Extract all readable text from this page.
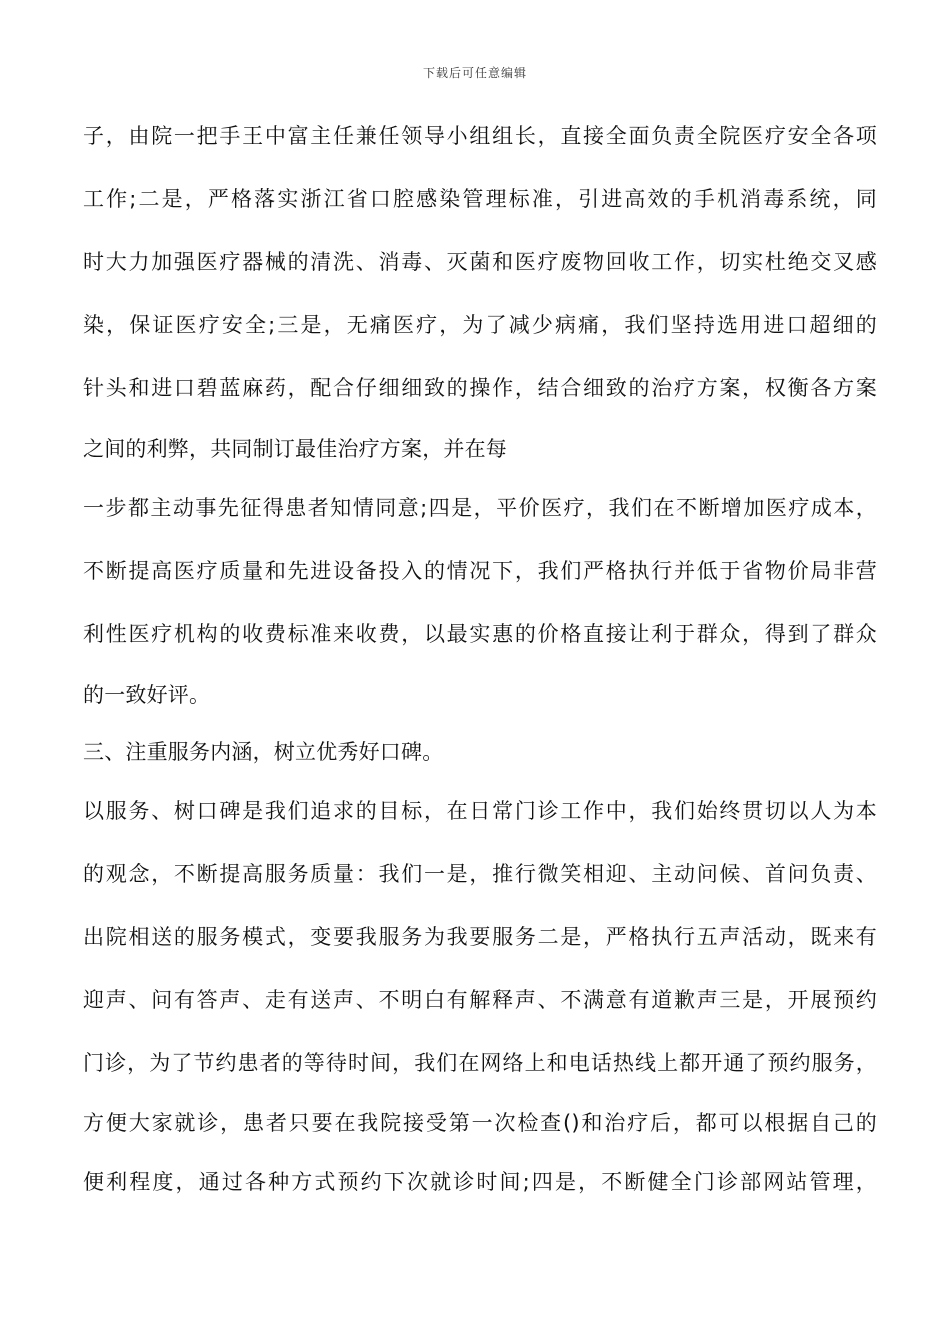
下载后可任意编辑
子，由院一把手王中富主任兼任领导小组组长，直接全面负责全院医疗安全各项
工作;二是，严格落实浙江省口腔感染管理标准，引进高效的手机消毒系统，同
时大力加强医疗器械的清洗、消毒、灭菌和医疗废物回收工作，切实杜绝交叉感
染，保证医疗安全;三是，无痛医疗，为了减少病痛，我们坚持选用进口超细的
针头和进口碧蓝麻药，配合仔细细致的操作，结合细致的治疗方案，权衡各方案
之间的利弊，共同制订最佳治疗方案，并在每
一步都主动事先征得患者知情同意;四是，平价医疗，我们在不断增加医疗成本，
不断提高医疗质量和先进设备投入的情况下，我们严格执行并低于省物价局非营
利性医疗机构的收费标准来收费，以最实惠的价格直接让利于群众，得到了群众
的一致好评。
三、注重服务内涵，树立优秀好口碑。
以服务、树口碑是我们追求的目标，在日常门诊工作中，我们始终贯切以人为本
的观念，不断提高服务质量：我们一是，推行微笑相迎、主动问候、首问负责、
出院相送的服务模式，变要我服务为我要服务二是，严格执行五声活动，既来有
迎声、问有答声、走有送声、不明白有解释声、不满意有道歉声三是，开展预约
门诊，为了节约患者的等待时间，我们在网络上和电话热线上都开通了预约服务，
方便大家就诊，患者只要在我院接受第一次检查()和治疗后，都可以根据自己的
便利程度，通过各种方式预约下次就诊时间;四是，不断健全门诊部网站管理，
